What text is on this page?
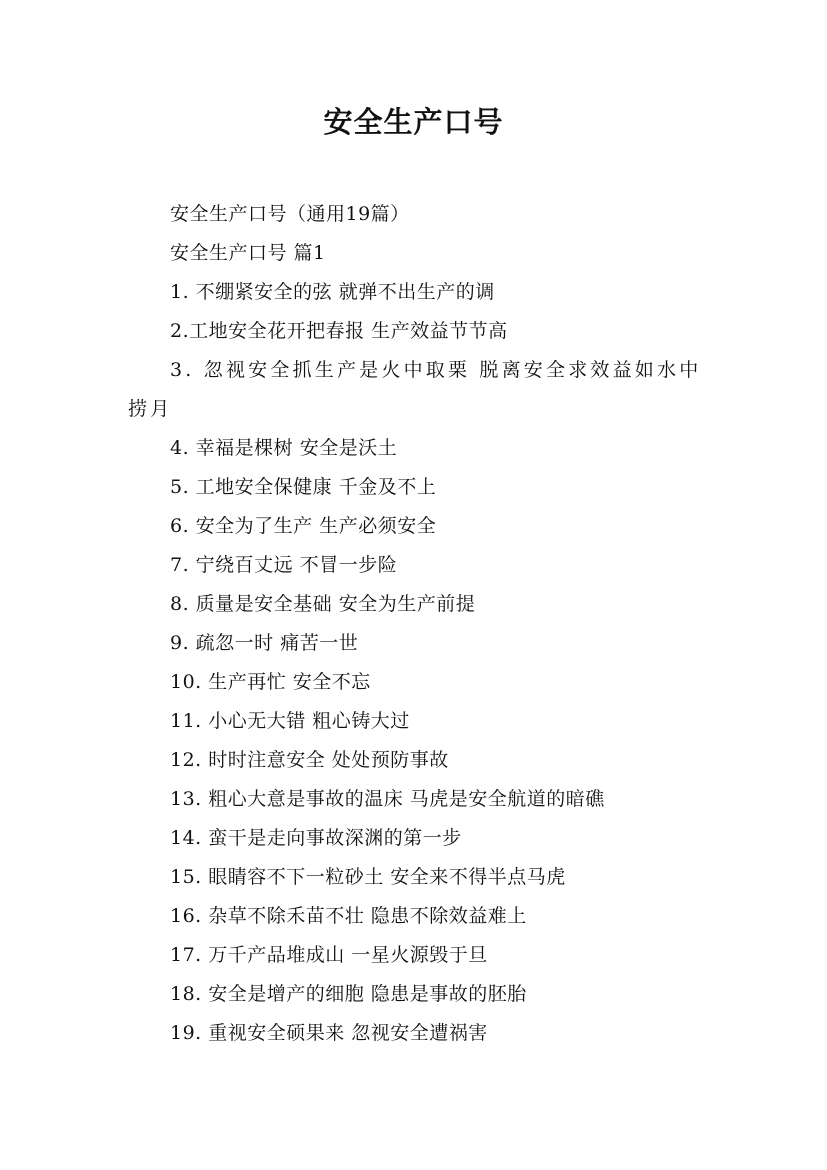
安全生产口号
安全生产口号（通用19篇）
安全生产口号 篇1
1. 不绷紧安全的弦 就弹不出生产的调
2.工地安全花开把春报 生产效益节节高
3. 忽视安全抓生产是火中取栗 脱离安全求效益如水中捞月
4. 幸福是棵树 安全是沃土
5. 工地安全保健康 千金及不上
6. 安全为了生产 生产必须安全
7. 宁绕百丈远 不冒一步险
8. 质量是安全基础 安全为生产前提
9. 疏忽一时 痛苦一世
10. 生产再忙 安全不忘
11. 小心无大错 粗心铸大过
12. 时时注意安全 处处预防事故
13. 粗心大意是事故的温床 马虎是安全航道的暗礁
14. 蛮干是走向事故深渊的第一步
15. 眼睛容不下一粒砂土 安全来不得半点马虎
16. 杂草不除禾苗不壮 隐患不除效益难上
17. 万千产品堆成山 一星火源毁于旦
18. 安全是增产的细胞 隐患是事故的胚胎
19. 重视安全硕果来 忽视安全遭祸害
